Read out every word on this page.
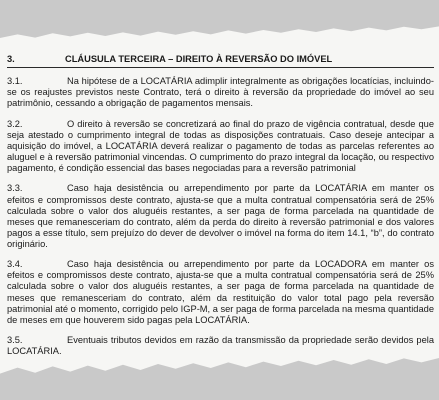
3.	CLÁUSULA TERCEIRA – DIREITO À REVERSÃO DO IMÓVEL

3.1.	Na hipótese de a LOCATÁRIA adimplir integralmente as obrigações locatícias, incluindo-se os reajustes previstos neste Contrato, terá o direito à reversão da propriedade do imóvel ao seu patrimônio, cessando a obrigação de pagamentos mensais.

3.2.	O direito à reversão se concretizará ao final do prazo de vigência contratual, desde que seja atestado o cumprimento integral de todas as disposições contratuais. Caso deseje antecipar a aquisição do imóvel, a LOCATÁRIA deverá realizar o pagamento de todas as parcelas referentes ao aluguel e à reversão patrimonial vincendas. O cumprimento do prazo integral da locação, ou respectivo pagamento, é condição essencial das bases negociadas para a reversão patrimonial

3.3.	Caso haja desistência ou arrependimento por parte da LOCATÁRIA em manter os efeitos e compromissos deste contrato, ajusta-se que a multa contratual compensatória será de 25% calculada sobre o valor dos aluguéis restantes, a ser paga de forma parcelada na quantidade de meses que remanesceriam do contrato, além da perda do direito à reversão patrimonial e dos valores pagos a esse título, sem prejuízo do dever de devolver o imóvel na forma do item 14.1, “b”, do contrato originário.

3.4.	Caso haja desistência ou arrependimento por parte da LOCADORA em manter os efeitos e compromissos deste contrato, ajusta-se que a multa contratual compensatória será de 25% calculada sobre o valor dos aluguéis restantes, a ser paga de forma parcelada na quantidade de meses que remanesceriam do contrato, além da restituição do valor total pago pela reversão patrimonial até o momento, corrigido pelo IGP-M, a ser paga de forma parcelada na mesma quantidade de meses em que houverem sido pagas pela LOCATÁRIA.

3.5.	Eventuais tributos devidos em razão da transmissão da propriedade serão devidos pela LOCATÁRIA.
